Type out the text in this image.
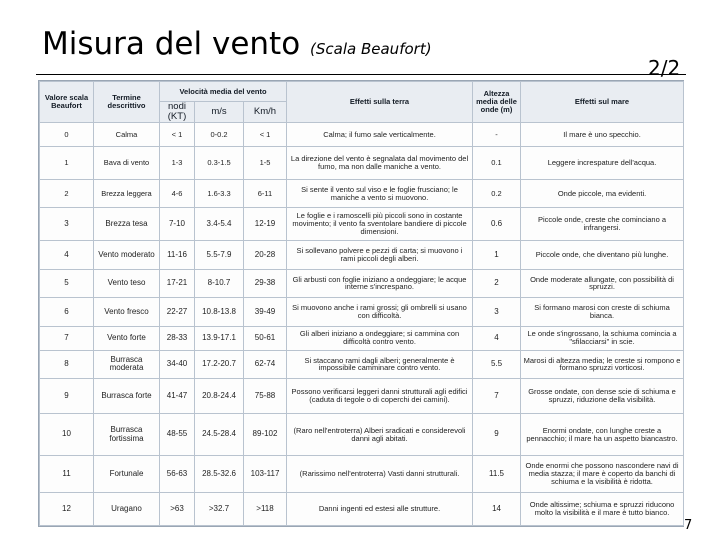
Misura del vento (Scala Beaufort)
2/2
Valore scala Beaufort	Termine descrittivo	Velocità media del vento			Effetti sulla terra	Altezza media delle onde (m)	Effetti sul mare
		nodi (KT)	m/s	Km/h			
0	Calma	< 1	0-0.2	< 1	Calma; il fumo sale verticalmente.	-	Il mare è uno specchio.
1	Bava di vento	1-3	0.3-1.5	1-5	La direzione del vento è segnalata dal movimento del fumo, ma non dalle maniche a vento.	0.1	Leggere increspature dell'acqua.
2	Brezza leggera	4-6	1.6-3.3	6-11	Si sente il vento sul viso e le foglie frusciano; le maniche a vento si muovono.	0.2	Onde piccole, ma evidenti.
3	Brezza tesa	7-10	3.4-5.4	12-19	Le foglie e i ramoscelli più piccoli sono in costante movimento; il vento fa sventolare bandiere di piccole dimensioni.	0.6	Piccole onde, creste che cominciano a infrangersi.
4	Vento moderato	11-16	5.5-7.9	20-28	Si sollevano polvere e pezzi di carta; si muovono i rami piccoli degli alberi.	1	Piccole onde, che diventano più lunghe.
5	Vento teso	17-21	8-10.7	29-38	Gli arbusti con foglie iniziano a ondeggiare; le acque interne s'increspano.	2	Onde moderate allungate, con possibilità di spruzzi.
6	Vento fresco	22-27	10.8-13.8	39-49	Si muovono anche i rami grossi; gli ombrelli si usano con difficoltà.	3	Si formano marosi con creste di schiuma bianca.
7	Vento forte	28-33	13.9-17.1	50-61	Gli alberi iniziano a ondeggiare; si cammina con difficoltà contro vento.	4	Le onde s'ingrossano, la schiuma comincia a "sfilacciarsi" in scie.
8	Burrasca moderata	34-40	17.2-20.7	62-74	Si staccano rami dagli alberi; generalmente è impossibile camminare contro vento.	5.5	Marosi di altezza media; le creste si rompono e formano spruzzi vorticosi.
9	Burrasca forte	41-47	20.8-24.4	75-88	Possono verificarsi leggeri danni strutturali agli edifici (caduta di tegole o di coperchi dei camini).	7	Grosse ondate, con dense scie di schiuma e spruzzi, riduzione della visibilità.
10	Burrasca fortissima	48-55	24.5-28.4	89-102	(Raro nell'entroterra) Alberi sradicati e considerevoli danni agli abitati.	9	Enormi ondate, con lunghe creste a pennacchio; il mare ha un aspetto biancastro.
11	Fortunale	56-63	28.5-32.6	103-117	(Rarissimo nell'entroterra) Vasti danni strutturali.	11.5	Onde enormi che possono nascondere navi di media stazza; il mare è coperto da banchi di schiuma e la visibilità è ridotta.
12	Uragano	>63	>32.7	>118	Danni ingenti ed estesi alle strutture.	14	Onde altissime; schiuma e spruzzi riducono molto la visibilità e il mare è tutto bianco.
7
